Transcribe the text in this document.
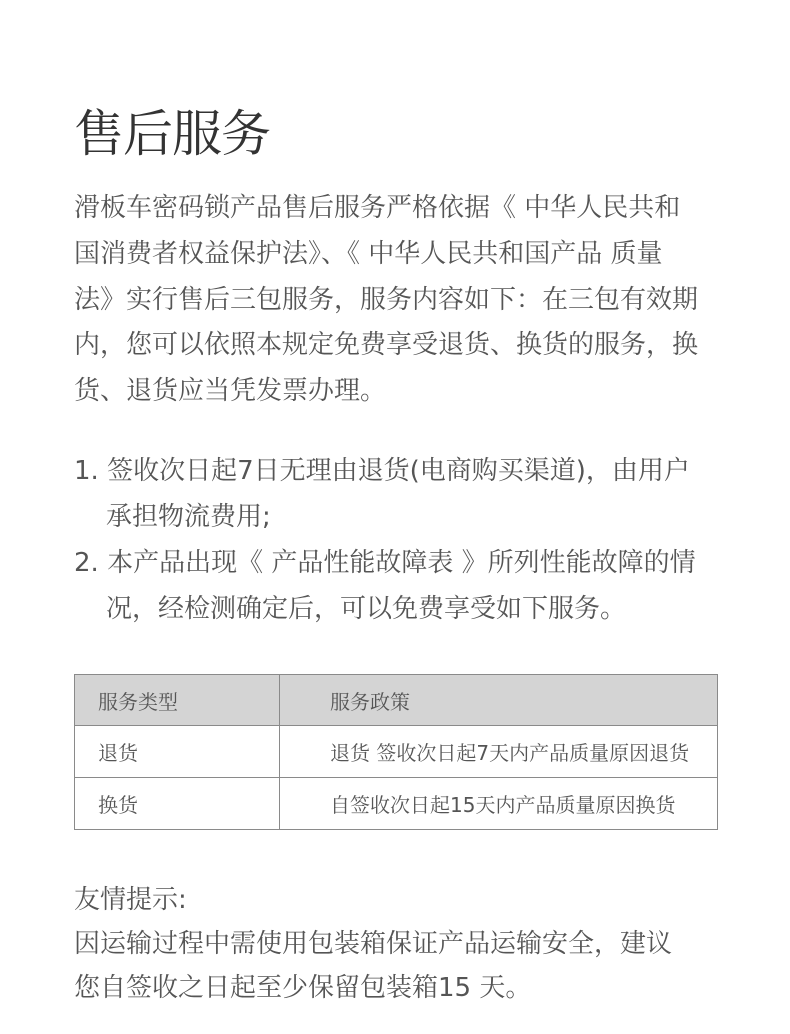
售后服务
滑板车密码锁产品售后服务严格依据《 中华人民共和
国消费者权益保护法》、《 中华人民共和国产品 质量
法》实行售后三包服务，服务内容如下：在三包有效期
内，您可以依照本规定免费享受退货、换货的服务，换
货、退货应当凭发票办理。
1. 签收次日起7日无理由退货(电商购买渠道)，由用户
承担物流费用;
2. 本产品出现《 产品性能故障表 》所列性能故障的情
况，经检测确定后，可以免费享受如下服务。
服务类型	服务政策
退货	退货 签收次日起7天内产品质量原因退货
换货	自签收次日起15天内产品质量原因换货
友情提示:
因运输过程中需使用包装箱保证产品运输安全，建议
您自签收之日起至少保留包装箱15 天。
